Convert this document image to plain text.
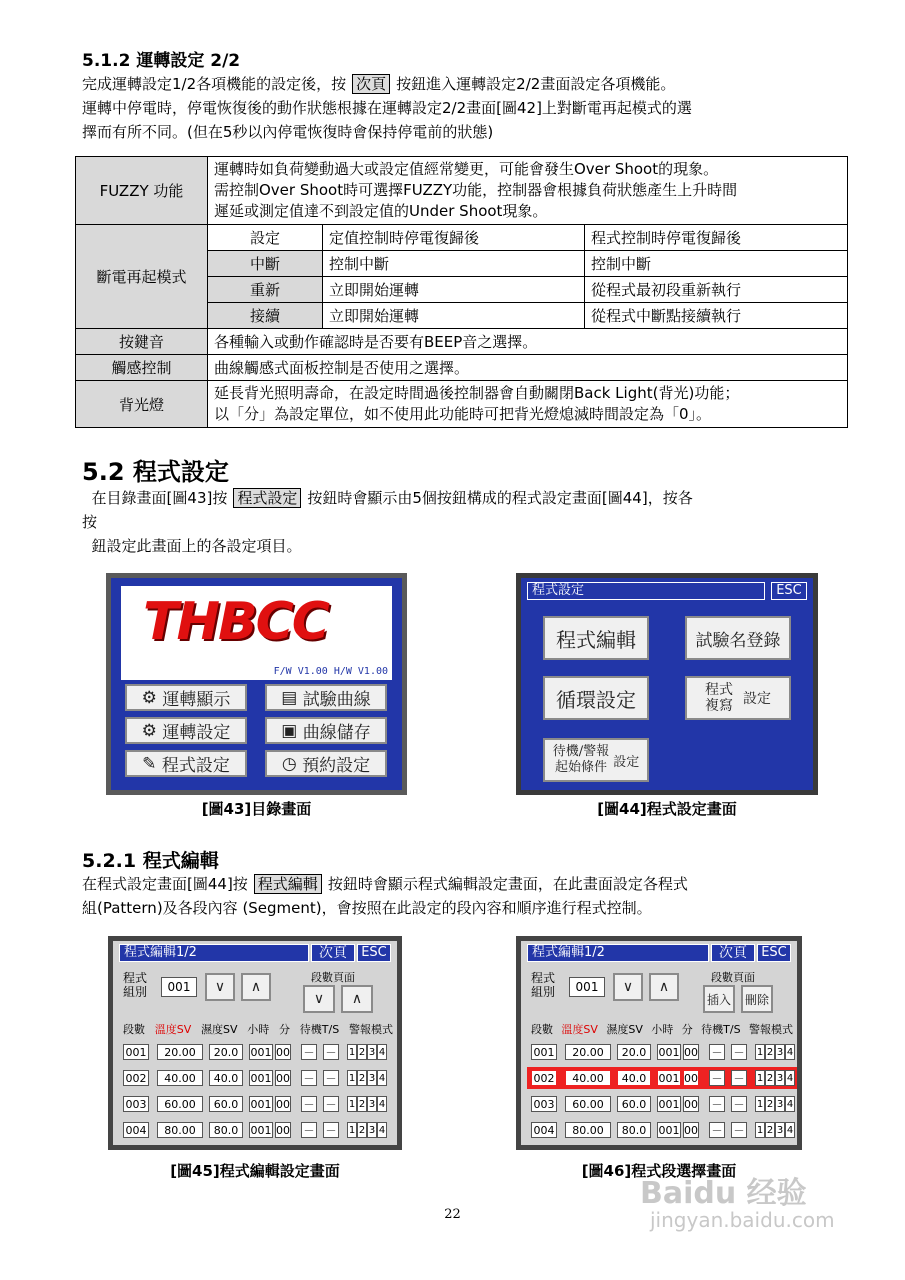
5.1.2 運轉設定 2/2
完成運轉設定1/2各項機能的設定後，按 次頁 按鈕進入運轉設定2/2畫面設定各項機能。
運轉中停電時，停電恢復後的動作狀態根據在運轉設定2/2畫面[圖42]上對斷電再起模式的選
擇而有所不同。(但在5秒以內停電恢復時會保持停電前的狀態)
FUZZY 功能	運轉時如負荷變動過大或設定值經常變更，可能會發生Over Shoot的現象。
需控制Over Shoot時可選擇FUZZY功能，控制器會根據負荷狀態產生上升時間
遲延或測定值達不到設定值的Under Shoot現象。		

斷電再起模式	設定	定值控制時停電復歸後	程式控制時停電復歸後
	中斷	控制中斷	控制中斷
	重新	立即開始運轉	從程式最初段重新執行
	接續	立即開始運轉	從程式中斷點接續執行
按鍵音	各種輸入或動作確認時是否要有BEEP音之選擇。		
觸感控制	曲線觸感式面板控制是否使用之選擇。		
背光燈	延長背光照明壽命，在設定時間過後控制器會自動關閉Back Light(背光)功能；
以「分」為設定單位，如不使用此功能時可把背光燈熄滅時間設定為「0」。		
5.2 程式設定
在目錄畫面[圖43]按 程式設定 按鈕時會顯示由5個按鈕構成的程式設定畫面[圖44]，按各
按
鈕設定此畫面上的各設定項目。
THBCC
F/W V1.00 H/W V1.00
⚙ 運轉顯示	▤ 試驗曲線
⚙ 運轉設定	▣ 曲線儲存
✎ 程式設定	◷ 預約設定
[圖43]目錄畫面
程式設定	ESC
程式編輯	試驗名登錄
循環設定	程式
複寫 設定
待機/警報
起始條件 設定
[圖44]程式設定畫面
5.2.1 程式編輯
在程式設定畫面[圖44]按 程式編輯 按鈕時會顯示程式編輯設定畫面，在此畫面設定各程式
組(Pattern)及各段內容 (Segment)，會按照在此設定的段內容和順序進行程式控制。
程式編輯1/2	次頁	ESC
程式
組別	001	∨	∧
段數頁面
∨	∧
段數 溫度SV 濕度SV 小時 分 待機T/S 警報模式
001	20.00	20.0	001 00 － － 1 2 3 4
002	40.00	40.0	001 00 － － 1 2 3 4
003	60.00	60.0	001 00 － － 1 2 3 4
004	80.00	80.0	001 00 － － 1 2 3 4
[圖45]程式編輯設定畫面
程式編輯1/2	次頁	ESC
程式
組別	001	∨	∧
段數頁面
插入	刪除
段數 溫度SV 濕度SV 小時 分 待機T/S 警報模式
001	20.00	20.0	001 00 － － 1 2 3 4
002	40.00	40.0	001 00 － － 1 2 3 4
003	60.00	60.0	001 00 － － 1 2 3 4
004	80.00	80.0	001 00 － － 1 2 3 4
[圖46]程式段選擇畫面
22
Baidu 经验
jingyan.baidu.com
